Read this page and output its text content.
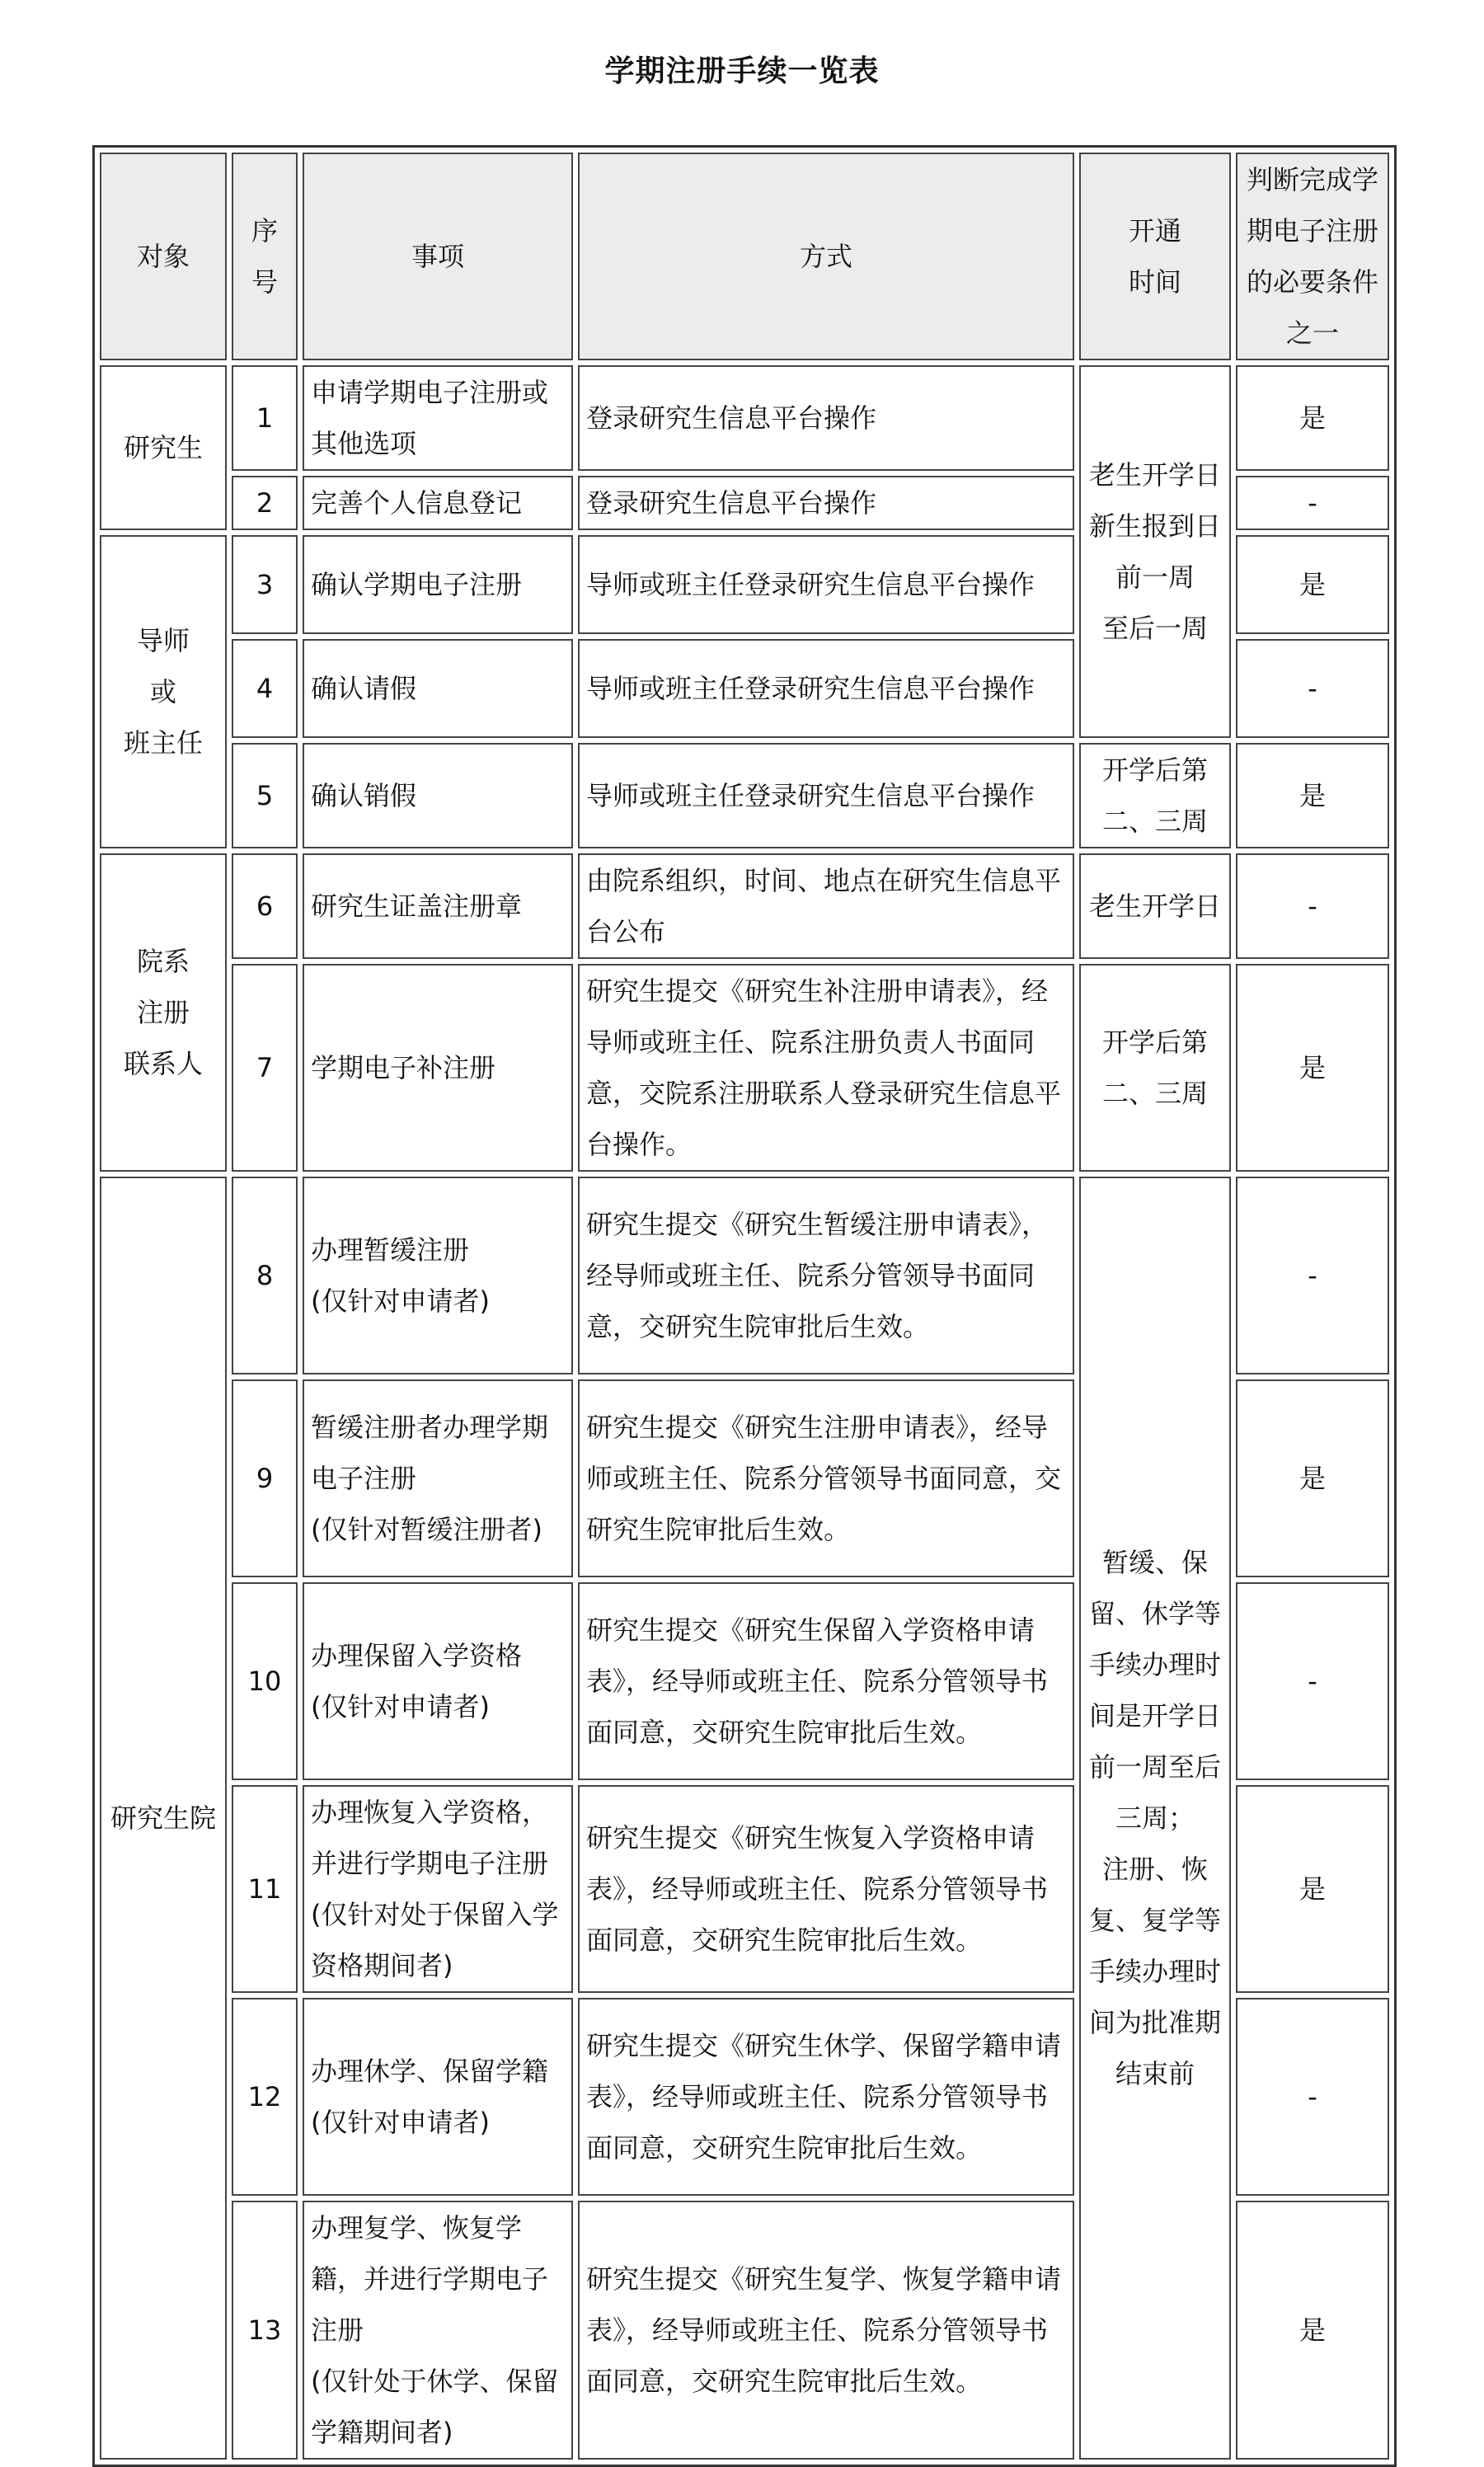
学期注册手续一览表
对象	序号	事项	方式	开通
时间	判断完成学期电子注册的必要条件之一
研究生	1	申请学期电子注册或其他选项	登录研究生信息平台操作	老生开学日
新生报到日
前一周
至后一周	是
	2	完善个人信息登记	登录研究生信息平台操作		-
导师
或
班主任	3	确认学期电子注册	导师或班主任登录研究生信息平台操作		是
	4	确认请假	导师或班主任登录研究生信息平台操作		-
	5	确认销假	导师或班主任登录研究生信息平台操作	开学后第
二、三周	是
院系
注册
联系人	6	研究生证盖注册章	由院系组织，时间、地点在研究生信息平台公布	老生开学日	-
	7	学期电子补注册	研究生提交《研究生补注册申请表》，经导师或班主任、院系注册负责人书面同意，交院系注册联系人登录研究生信息平台操作。	开学后第
二、三周	是
研究生院	8	办理暂缓注册
(仅针对申请者)	研究生提交《研究生暂缓注册申请表》，经导师或班主任、院系分管领导书面同意，交研究生院审批后生效。	暂缓、保留、休学等手续办理时间是开学日前一周至后三周；
注册、恢复、复学等手续办理时间为批准期结束前	-
	9	暂缓注册者办理学期电子注册
(仅针对暂缓注册者)	研究生提交《研究生注册申请表》，经导师或班主任、院系分管领导书面同意，交研究生院审批后生效。		是
	10	办理保留入学资格
(仅针对申请者)	研究生提交《研究生保留入学资格申请表》，经导师或班主任、院系分管领导书面同意，交研究生院审批后生效。		-
	11	办理恢复入学资格，并进行学期电子注册
(仅针对处于保留入学资格期间者)	研究生提交《研究生恢复入学资格申请表》，经导师或班主任、院系分管领导书面同意，交研究生院审批后生效。		是
	12	办理休学、保留学籍
(仅针对申请者)	研究生提交《研究生休学、保留学籍申请表》，经导师或班主任、院系分管领导书面同意，交研究生院审批后生效。		-
	13	办理复学、恢复学籍，并进行学期电子注册
(仅针处于休学、保留学籍期间者)	研究生提交《研究生复学、恢复学籍申请表》，经导师或班主任、院系分管领导书面同意，交研究生院审批后生效。		是
